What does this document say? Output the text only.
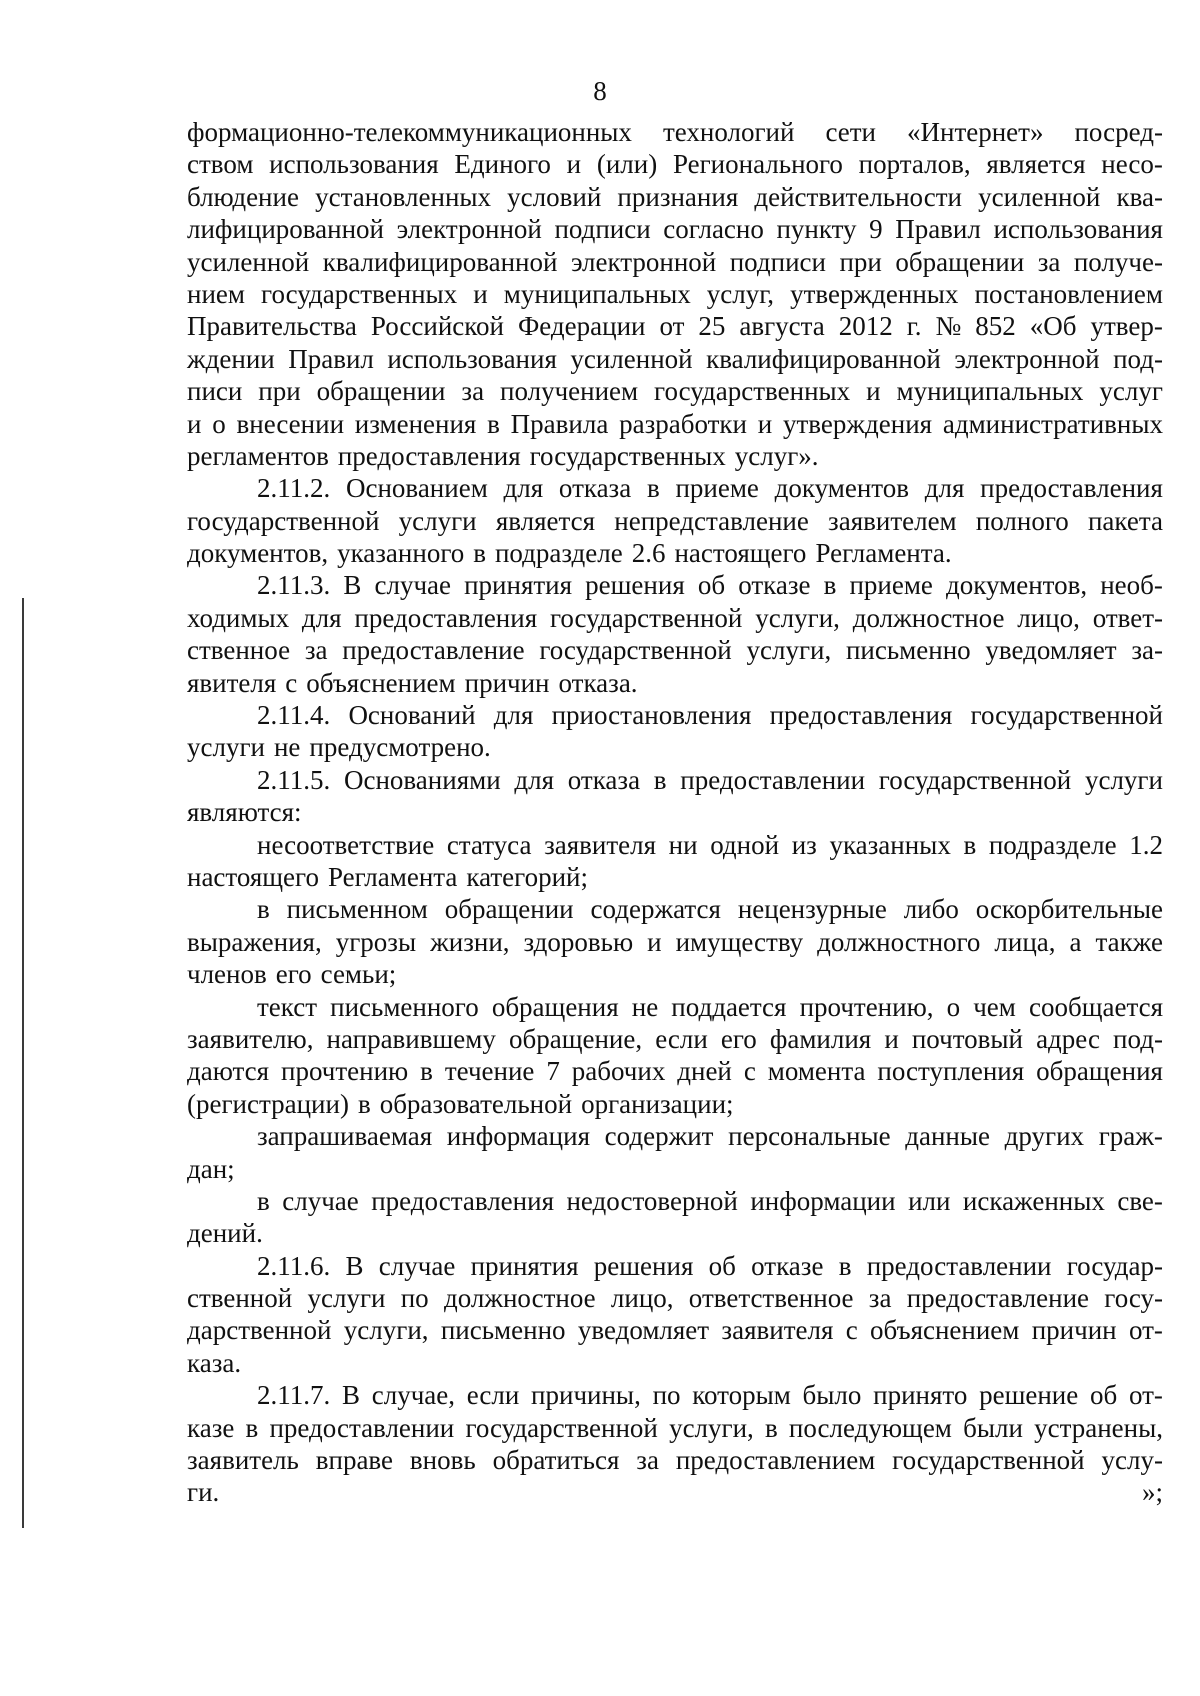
8
формационно-телекоммуникационных технологий сети «Интернет» посред-
ством использования Единого и (или) Регионального порталов, является несо-
блюдение установленных условий признания действительности усиленной ква-
лифицированной электронной подписи согласно пункту 9 Правил использования
усиленной квалифицированной электронной подписи при обращении за получе-
нием государственных и муниципальных услуг, утвержденных постановлением
Правительства Российской Федерации от 25 августа 2012 г. № 852 «Об утвер-
ждении Правил использования усиленной квалифицированной электронной под-
писи при обращении за получением государственных и муниципальных услуг
и о внесении изменения в Правила разработки и утверждения административных
регламентов предоставления государственных услуг».
2.11.2. Основанием для отказа в приеме документов для предоставления
государственной услуги является непредставление заявителем полного пакета
документов, указанного в подразделе 2.6 настоящего Регламента.
2.11.3. В случае принятия решения об отказе в приеме документов, необ-
ходимых для предоставления государственной услуги, должностное лицо, ответ-
ственное за предоставление государственной услуги, письменно уведомляет за-
явителя с объяснением причин отказа.
2.11.4. Оснований для приостановления предоставления государственной
услуги не предусмотрено.
2.11.5. Основаниями для отказа в предоставлении государственной услуги
являются:
несоответствие статуса заявителя ни одной из указанных в подразделе 1.2
настоящего Регламента категорий;
в письменном обращении содержатся нецензурные либо оскорбительные
выражения, угрозы жизни, здоровью и имуществу должностного лица, а также
членов его семьи;
текст письменного обращения не поддается прочтению, о чем сообщается
заявителю, направившему обращение, если его фамилия и почтовый адрес под-
даются прочтению в течение 7 рабочих дней с момента поступления обращения
(регистрации) в образовательной организации;
запрашиваемая информация содержит персональные данные других граж-
дан;
в случае предоставления недостоверной информации или искаженных све-
дений.
2.11.6. В случае принятия решения об отказе в предоставлении государ-
ственной услуги по должностное лицо, ответственное за предоставление госу-
дарственной услуги, письменно уведомляет заявителя с объяснением причин от-
каза.
2.11.7. В случае, если причины, по которым было принято решение об от-
казе в предоставлении государственной услуги, в последующем были устранены,
заявитель вправе вновь обратиться за предоставлением государственной услу-
ги.	»;
